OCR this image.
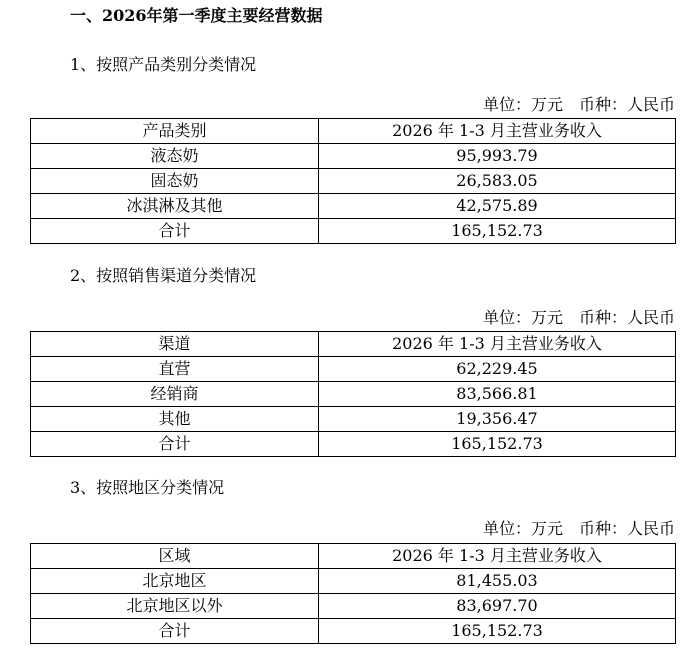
一、2026年第一季度主要经营数据
1、按照产品类别分类情况
单位：万元　币种：人民币
产品类别	2026 年 1-3 月主营业务收入
液态奶	95,993.79
固态奶	26,583.05
冰淇淋及其他	42,575.89
合计	165,152.73
2、按照销售渠道分类情况
单位：万元　币种：人民币
渠道	2026 年 1-3 月主营业务收入
直营	62,229.45
经销商	83,566.81
其他	19,356.47
合计	165,152.73
3、按照地区分类情况
单位：万元　币种：人民币
区域	2026 年 1-3 月主营业务收入
北京地区	81,455.03
北京地区以外	83,697.70
合计	165,152.73
